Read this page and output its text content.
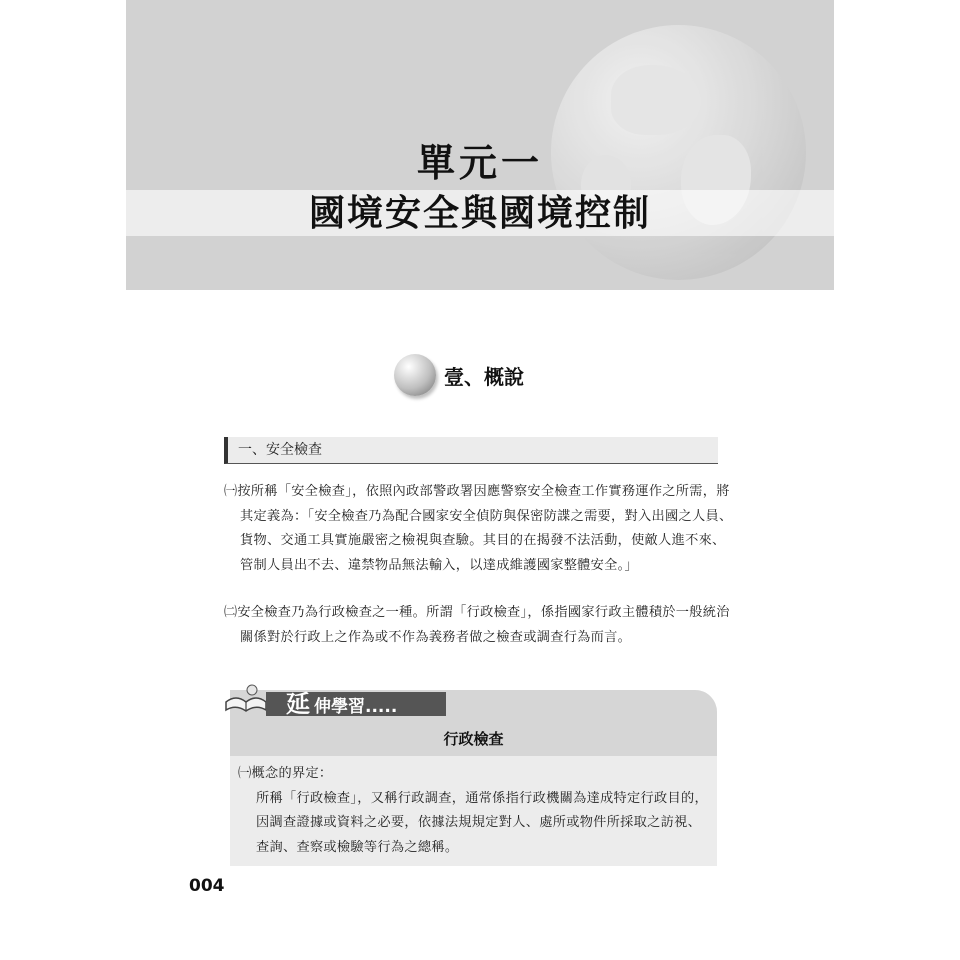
單元一
國境安全與國境控制
壹、概說
一、安全檢查
㈠按所稱「安全檢查」，依照內政部警政署因應警察安全檢查工作實務運作之所需，將其定義為：「安全檢查乃為配合國家安全偵防與保密防諜之需要，對入出國之人員、貨物、交通工具實施嚴密之檢視與查驗。其目的在揭發不法活動，使敵人進不來、管制人員出不去、違禁物品無法輸入，以達成維護國家整體安全。」
㈡安全檢查乃為行政檢查之一種。所謂「行政檢查」，係指國家行政主體積於一般統治關係對於行政上之作為或不作為義務者做之檢查或調查行為而言。
延 伸學習.....
行政檢查
㈠概念的界定：
所稱「行政檢查」，又稱行政調查，通常係指行政機關為達成特定行政目的，因調查證據或資料之必要，依據法規規定對人、處所或物件所採取之訪視、查詢、查察或檢驗等行為之總稱。
004
